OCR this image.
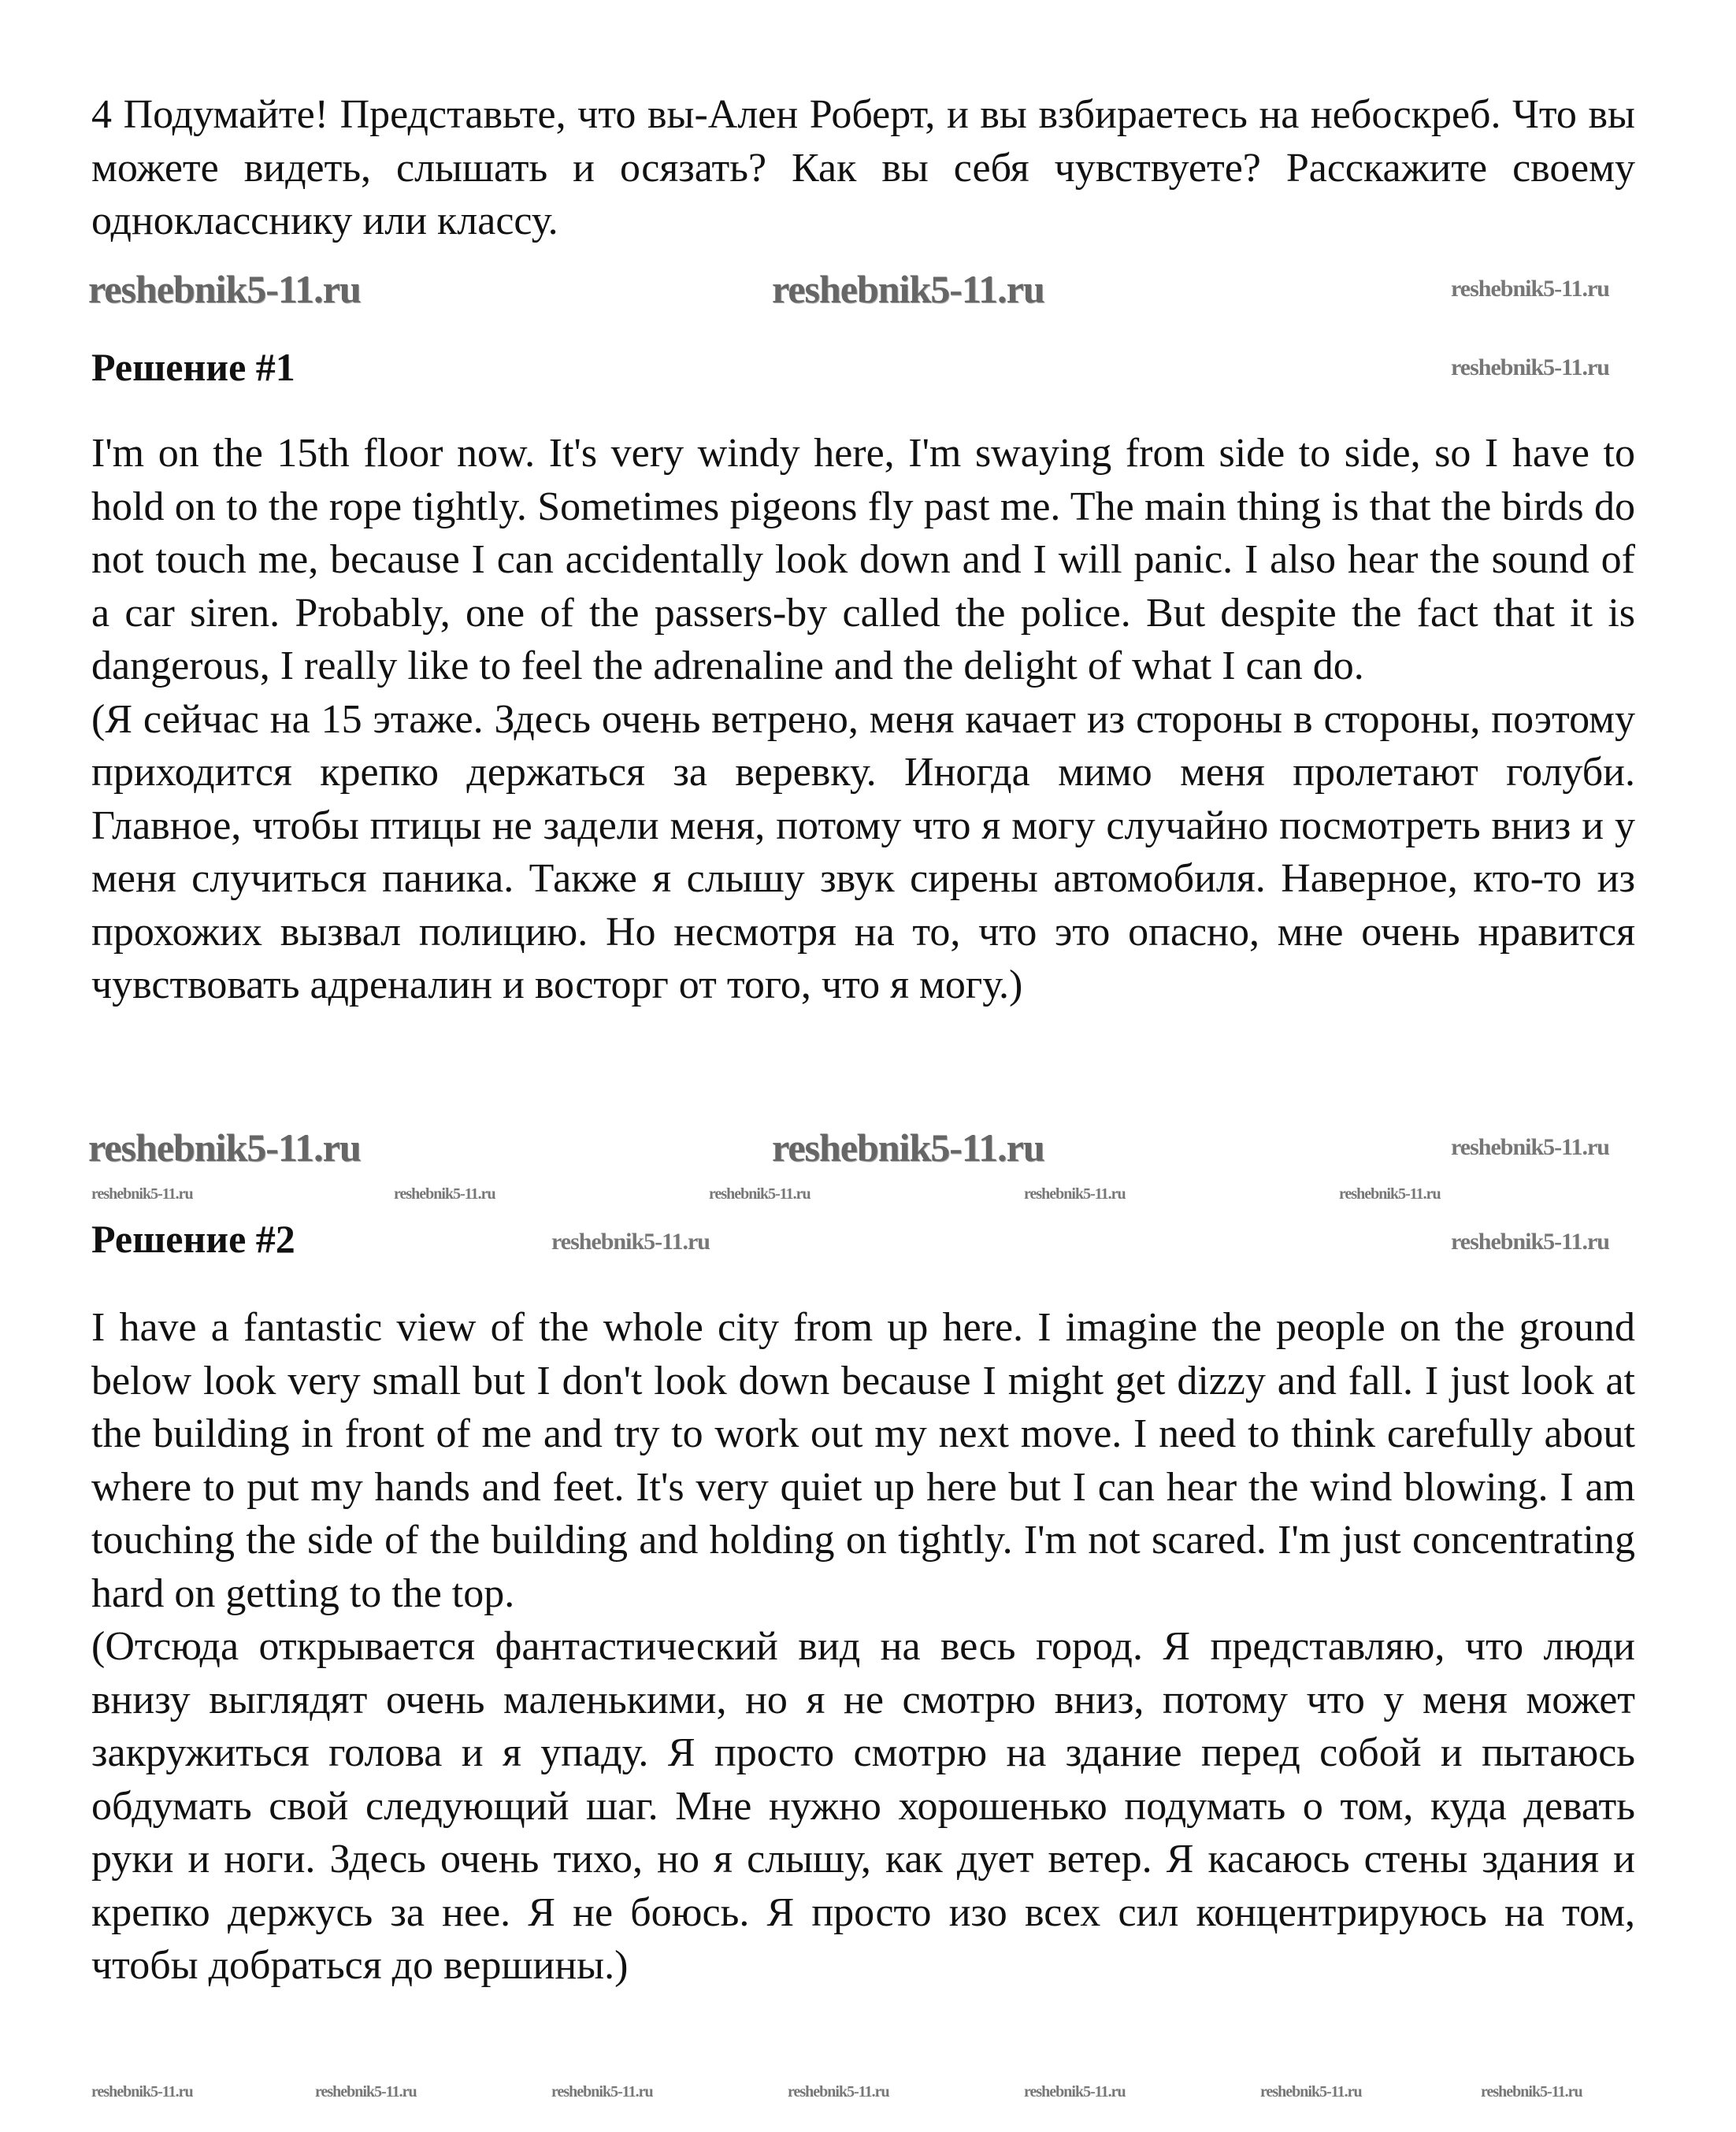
4 Подумайте! Представьте, что вы-Ален Роберт, и вы взбираетесь на небоскреб. Что вы можете видеть, слышать и осязать? Как вы себя чувствуете? Расскажите своему однокласснику или классу.

Решение #1

I'm on the 15th floor now. It's very windy here, I'm swaying from side to side, so I have to hold on to the rope tightly. Sometimes pigeons fly past me. The main thing is that the birds do not touch me, because I can accidentally look down and I will panic. I also hear the sound of a car siren. Probably, one of the passers-by called the police. But despite the fact that it is dangerous, I really like to feel the adrenaline and the delight of what I can do.

(Я сейчас на 15 этаже. Здесь очень ветрено, меня качает из стороны в стороны, поэтому приходится крепко держаться за веревку. Иногда мимо меня пролетают голуби. Главное, чтобы птицы не задели меня, потому что я могу случайно посмотреть вниз и у меня случиться паника. Также я слышу звук сирены автомобиля. Наверное, кто-то из прохожих вызвал полицию. Но несмотря на то, что это опасно, мне очень нравится чувствовать адреналин и восторг от того, что я могу.)

Решение #2

I have a fantastic view of the whole city from up here. I imagine the people on the ground below look very small but I don't look down because I might get dizzy and fall. I just look at the building in front of me and try to work out my next move. I need to think carefully about where to put my hands and feet. It's very quiet up here but I can hear the wind blowing. I am touching the side of the building and holding on tightly. I'm not scared. I'm just concentrating hard on getting to the top.

(Отсюда открывается фантастический вид на весь город. Я представляю, что люди внизу выглядят очень маленькими, но я не смотрю вниз, потому что у меня может закружиться голова и я упаду. Я просто смотрю на здание перед собой и пытаюсь обдумать свой следующий шаг. Мне нужно хорошенько подумать о том, куда девать руки и ноги. Здесь очень тихо, но я слышу, как дует ветер. Я касаюсь стены здания и крепко держусь за нее. Я не боюсь. Я просто изо всех сил концентрируюсь на том, чтобы добраться до вершины.)

reshebnik5-11.ru	reshebnik5-11.ru	reshebnik5-11.ru
reshebnik5-11.ru
reshebnik5-11.ru	reshebnik5-11.ru	reshebnik5-11.ru
reshebnik5-11.ru	reshebnik5-11.ru	reshebnik5-11.ru	reshebnik5-11.ru	reshebnik5-11.ru
reshebnik5-11.ru	reshebnik5-11.ru
reshebnik5-11.ru	reshebnik5-11.ru	reshebnik5-11.ru	reshebnik5-11.ru	reshebnik5-11.ru	reshebnik5-11.ru	reshebnik5-11.ru
